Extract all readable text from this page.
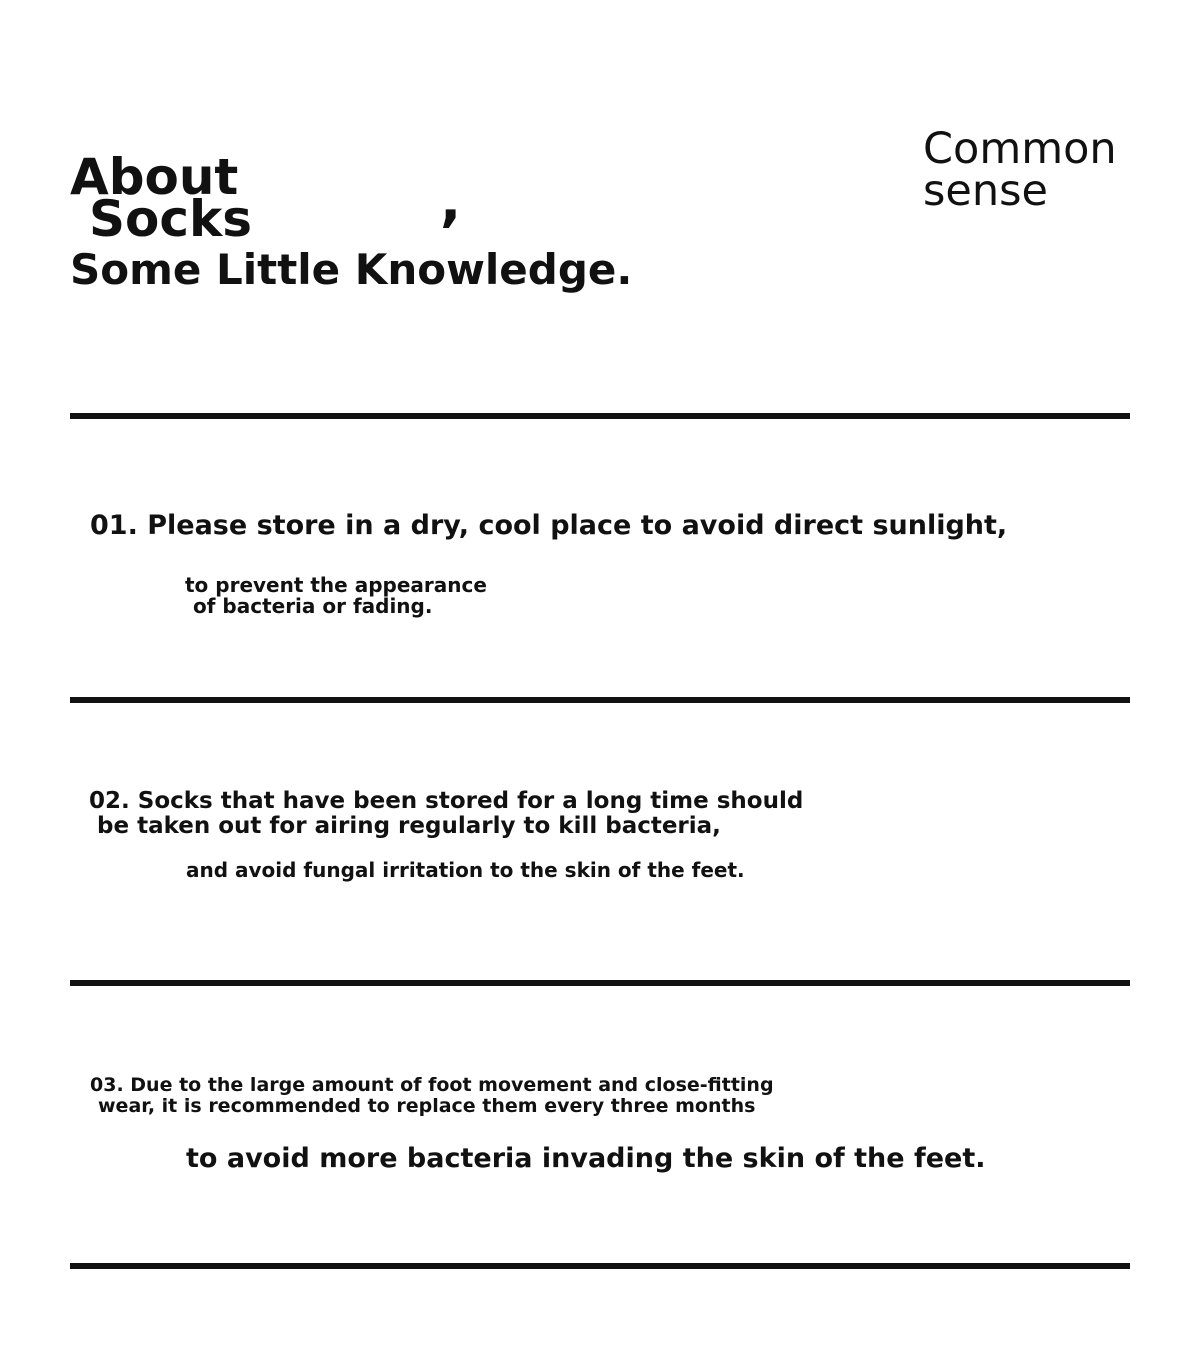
About
Socks	,
Some Little Knowledge.
Common
sense
01. Please store in a dry, cool place to avoid direct sunlight,
to prevent the appearance
of bacteria or fading.
02. Socks that have been stored for a long time should
be taken out for airing regularly to kill bacteria,
and avoid fungal irritation to the skin of the feet.
03. Due to the large amount of foot movement and close-fitting
wear, it is recommended to replace them every three months
to avoid more bacteria invading the skin of the feet.
